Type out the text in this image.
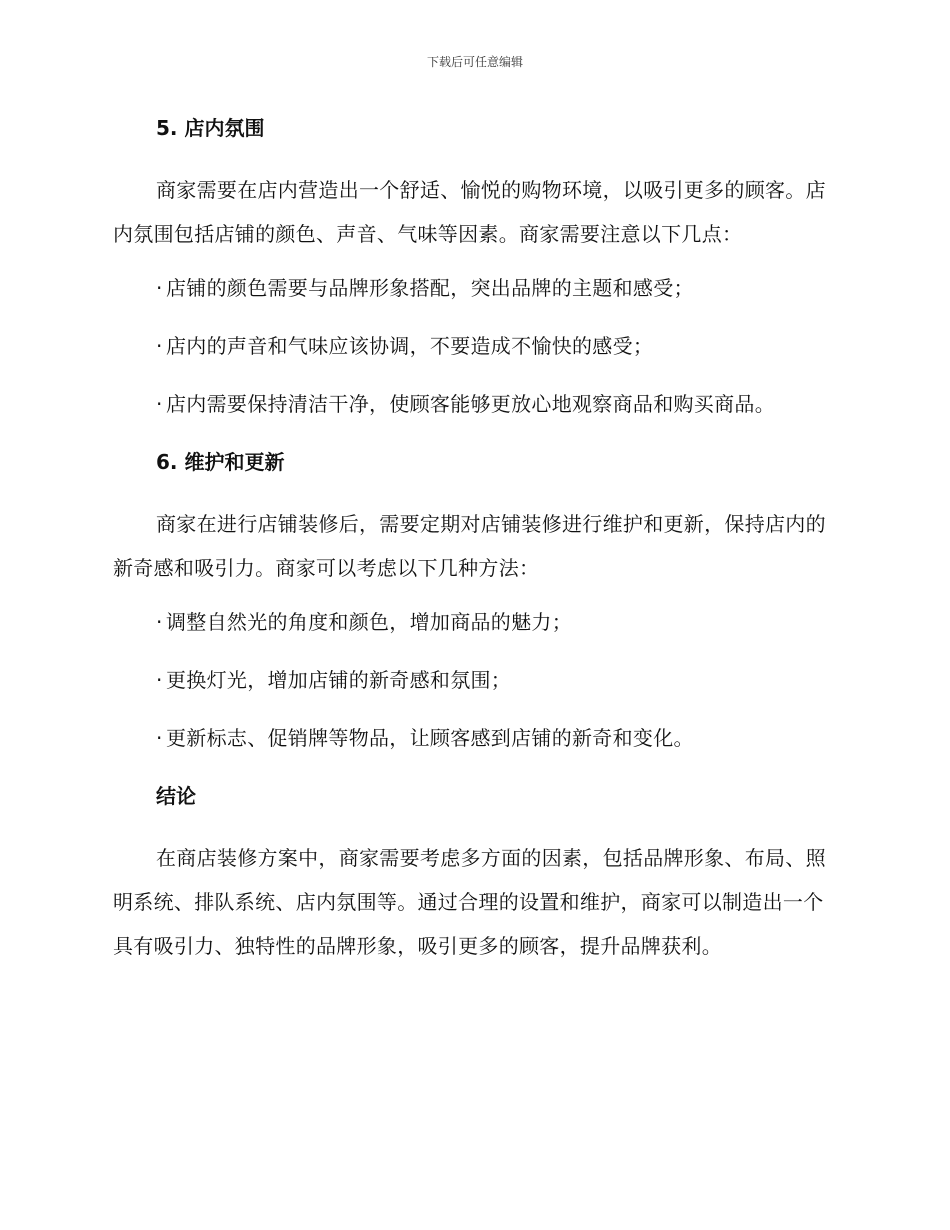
下载后可任意编辑
5. 店内氛围

商家需要在店内营造出一个舒适、愉悦的购物环境，以吸引更多的顾客。店内氛围包括店铺的颜色、声音、气味等因素。商家需要注意以下几点：

· 店铺的颜色需要与品牌形象搭配，突出品牌的主题和感受；
· 店内的声音和气味应该协调，不要造成不愉快的感受；
· 店内需要保持清洁干净，使顾客能够更放心地观察商品和购买商品。
6. 维护和更新

商家在进行店铺装修后，需要定期对店铺装修进行维护和更新，保持店内的新奇感和吸引力。商家可以考虑以下几种方法：

· 调整自然光的角度和颜色，增加商品的魅力；
· 更换灯光，增加店铺的新奇感和氛围；
· 更新标志、促销牌等物品，让顾客感到店铺的新奇和变化。
结论

在商店装修方案中，商家需要考虑多方面的因素，包括品牌形象、布局、照明系统、排队系统、店内氛围等。通过合理的设置和维护，商家可以制造出一个具有吸引力、独特性的品牌形象，吸引更多的顾客，提升品牌获利。
